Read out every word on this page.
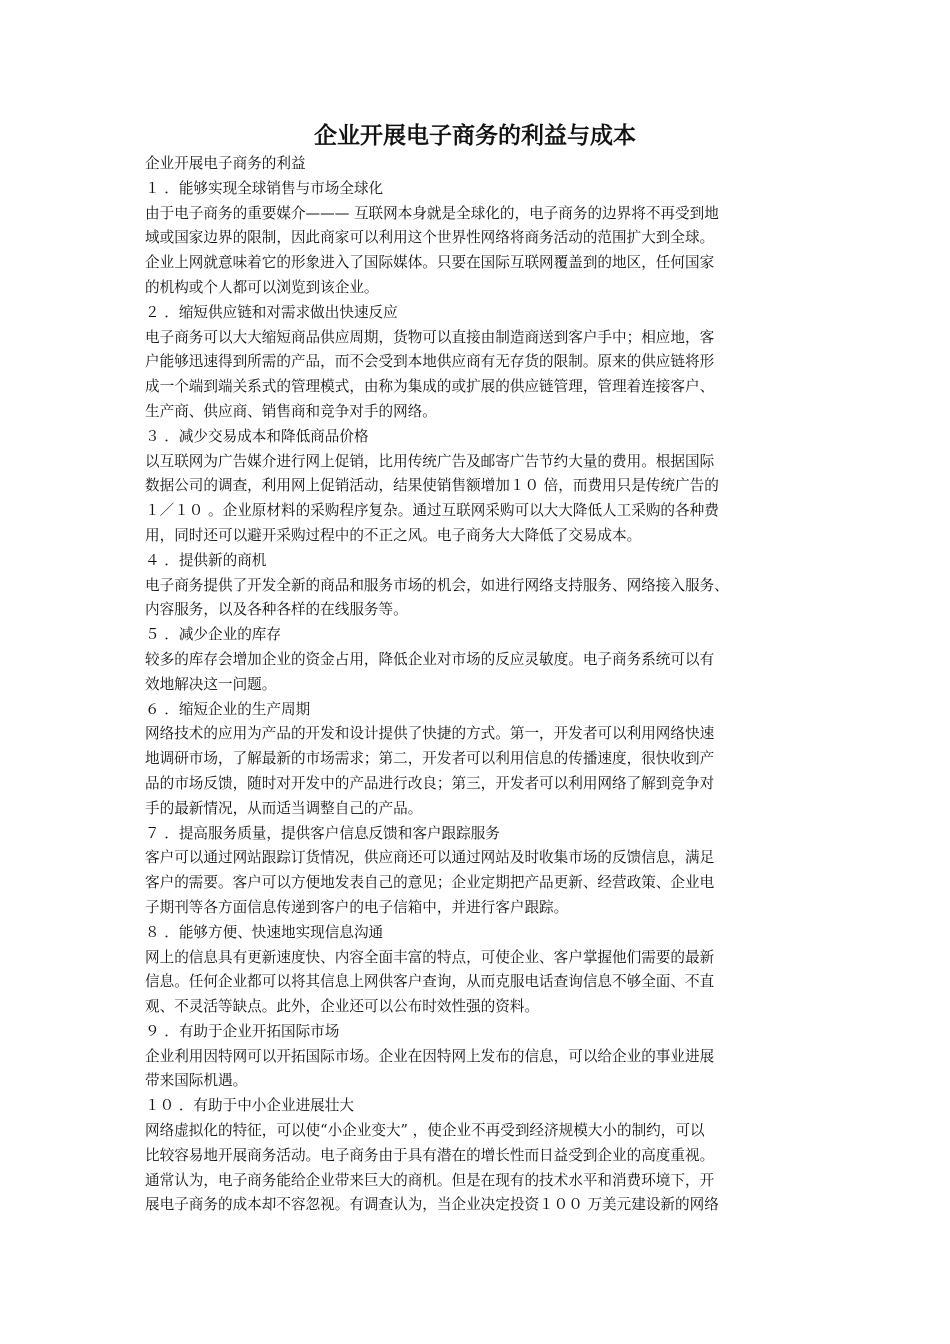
企业开展电子商务的利益与成本
企业开展电子商务的利益
１ ．能够实现全球销售与市场全球化
由于电子商务的重要媒介——— 互联网本身就是全球化的，电子商务的边界将不再受到地
域或国家边界的限制，因此商家可以利用这个世界性网络将商务活动的范围扩大到全球。
企业上网就意味着它的形象进入了国际媒体。只要在国际互联网覆盖到的地区，任何国家
的机构或个人都可以浏览到该企业。
２ ．缩短供应链和对需求做出快速反应
电子商务可以大大缩短商品供应周期，货物可以直接由制造商送到客户手中；相应地，客
户能够迅速得到所需的产品，而不会受到本地供应商有无存货的限制。原来的供应链将形
成一个端到端关系式的管理模式，由称为集成的或扩展的供应链管理，管理着连接客户、
生产商、供应商、销售商和竞争对手的网络。
３ ．减少交易成本和降低商品价格
以互联网为广告媒介进行网上促销，比用传统广告及邮寄广告节约大量的费用。根据国际
数据公司的调查，利用网上促销活动，结果使销售额增加１０ 倍，而费用只是传统广告的
１／１０ 。企业原材料的采购程序复杂。通过互联网采购可以大大降低人工采购的各种费
用，同时还可以避开采购过程中的不正之风。电子商务大大降低了交易成本。
４ ．提供新的商机
电子商务提供了开发全新的商品和服务市场的机会，如进行网络支持服务、网络接入服务、
内容服务，以及各种各样的在线服务等。
５ ．减少企业的库存
较多的库存会增加企业的资金占用，降低企业对市场的反应灵敏度。电子商务系统可以有
效地解决这一问题。
６ ．缩短企业的生产周期
网络技术的应用为产品的开发和设计提供了快捷的方式。第一，开发者可以利用网络快速
地调研市场，了解最新的市场需求；第二，开发者可以利用信息的传播速度，很快收到产
品的市场反馈，随时对开发中的产品进行改良；第三，开发者可以利用网络了解到竞争对
手的最新情况，从而适当调整自己的产品。
７ ．提高服务质量，提供客户信息反馈和客户跟踪服务
客户可以通过网站跟踪订货情况，供应商还可以通过网站及时收集市场的反馈信息，满足
客户的需要。客户可以方便地发表自己的意见；企业定期把产品更新、经营政策、企业电
子期刊等各方面信息传递到客户的电子信箱中，并进行客户跟踪。
８ ．能够方便、快速地实现信息沟通
网上的信息具有更新速度快、内容全面丰富的特点，可使企业、客户掌握他们需要的最新
信息。任何企业都可以将其信息上网供客户查询，从而克服电话查询信息不够全面、不直
观、不灵活等缺点。此外，企业还可以公布时效性强的资料。
９ ．有助于企业开拓国际市场
企业利用因特网可以开拓国际市场。企业在因特网上发布的信息，可以给企业的事业进展
带来国际机遇。
１０ ．有助于中小企业进展壮大
网络虚拟化的特征，可以使“小企业变大” ，使企业不再受到经济规模大小的制约，可以
比较容易地开展商务活动。电子商务由于具有潜在的增长性而日益受到企业的高度重视。
通常认为，电子商务能给企业带来巨大的商机。但是在现有的技术水平和消费环境下，开
展电子商务的成本却不容忽视。有调查认为，当企业决定投资１００ 万美元建设新的网络
